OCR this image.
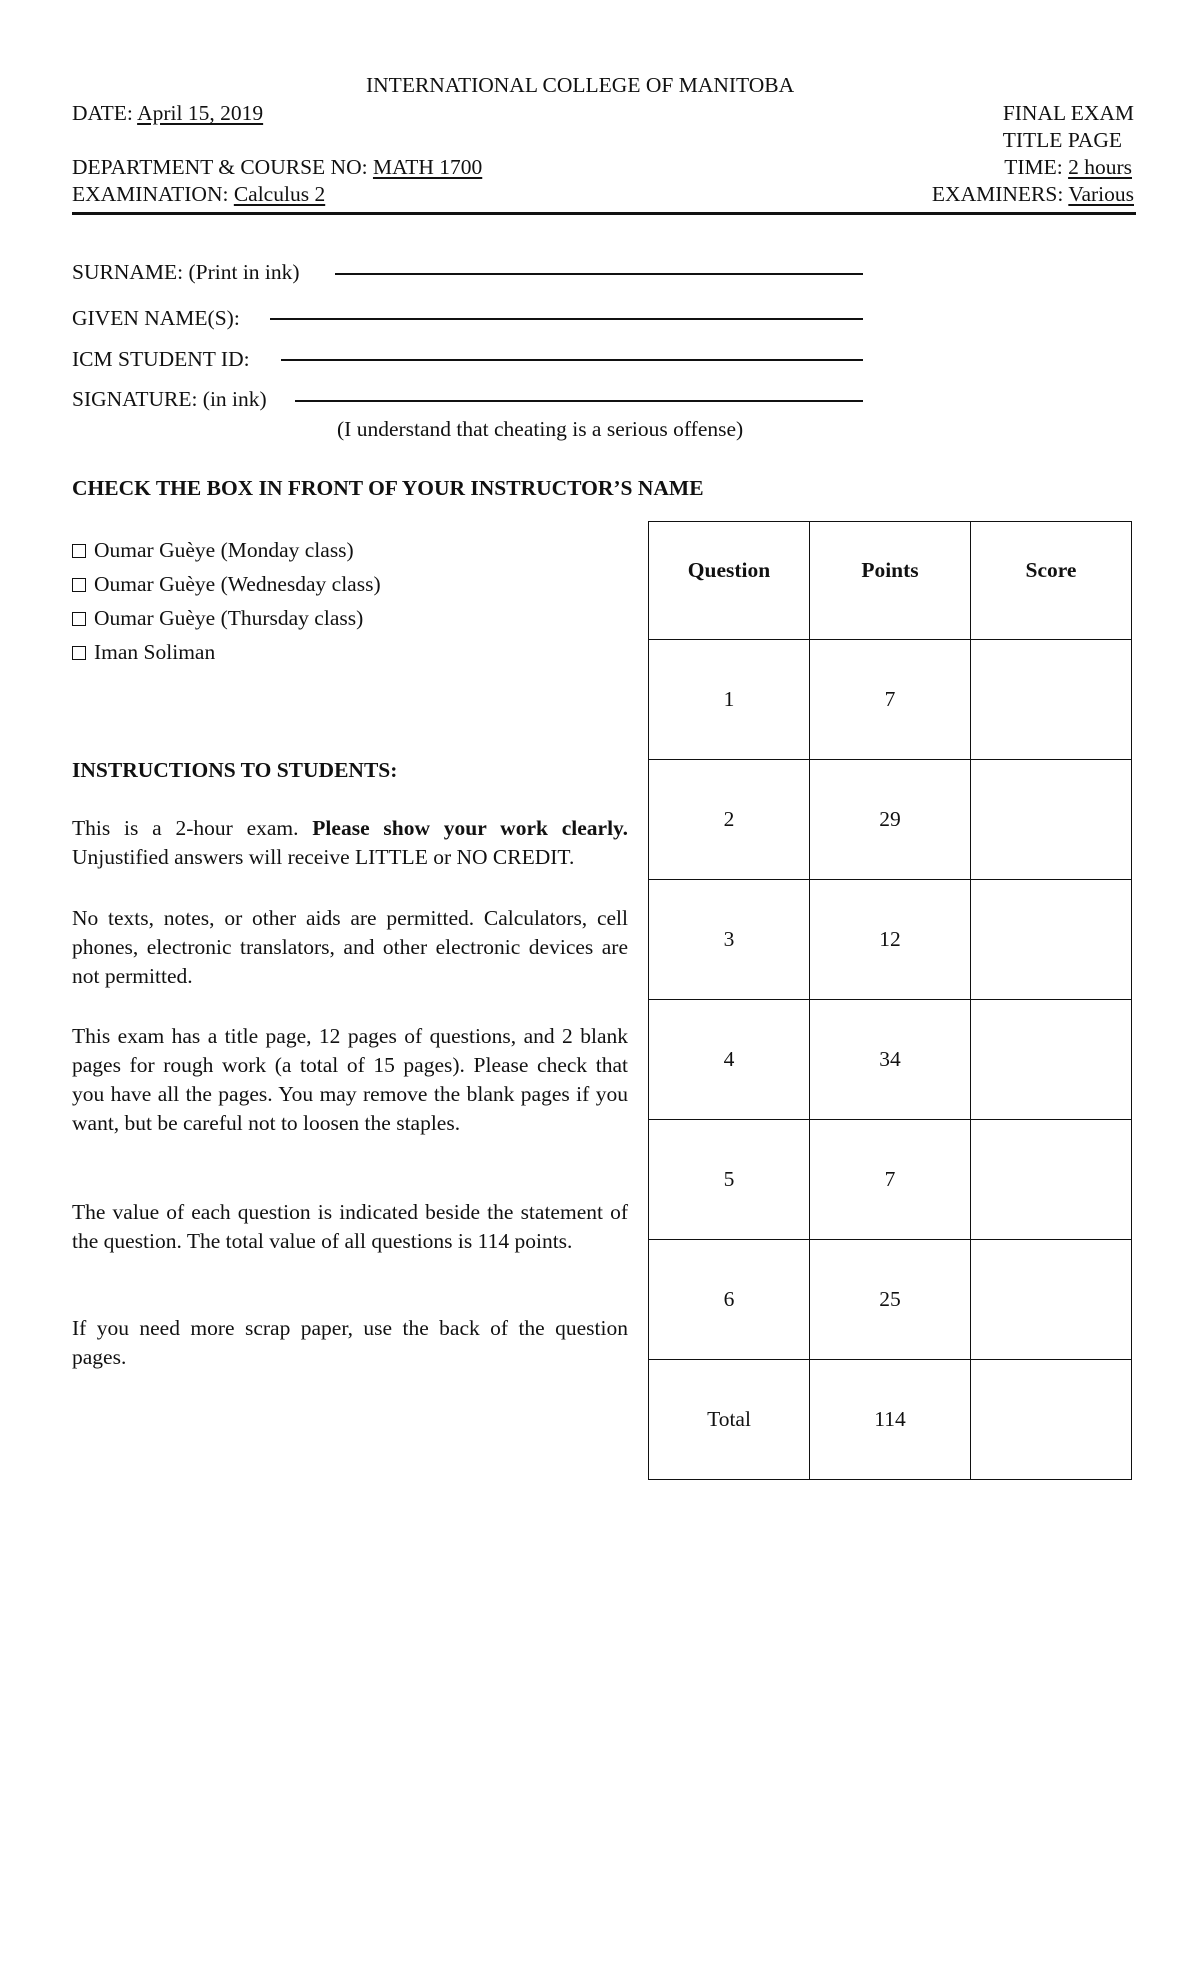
INTERNATIONAL COLLEGE OF MANITOBA
DATE: April 15, 2019
DEPARTMENT & COURSE NO: MATH 1700
EXAMINATION: Calculus 2
FINAL EXAM
TITLE PAGE
TIME: 2 hours
EXAMINERS: Various
SURNAME: (Print in ink)
GIVEN NAME(S):
ICM STUDENT ID:
SIGNATURE: (in ink)
(I understand that cheating is a serious offense)
CHECK THE BOX IN FRONT OF YOUR INSTRUCTOR’S NAME
Oumar Guèye (Monday class)
Oumar Guèye (Wednesday class)
Oumar Guèye (Thursday class)
Iman Soliman
INSTRUCTIONS TO STUDENTS:
This is a 2-hour exam. Please show your work clearly. Unjustified answers will receive LITTLE or NO CREDIT.
No texts, notes, or other aids are permitted. Calculators, cell phones, electronic translators, and other electronic devices are not permitted.
This exam has a title page, 12 pages of questions, and 2 blank pages for rough work (a total of 15 pages). Please check that you have all the pages. You may remove the blank pages if you want, but be careful not to loosen the staples.
The value of each question is indicated beside the statement of the question. The total value of all questions is 114 points.
If you need more scrap paper, use the back of the question pages.
Question	Points	Score
1	7	
2	29	
3	12	
4	34	
5	7	
6	25	
Total	114	
